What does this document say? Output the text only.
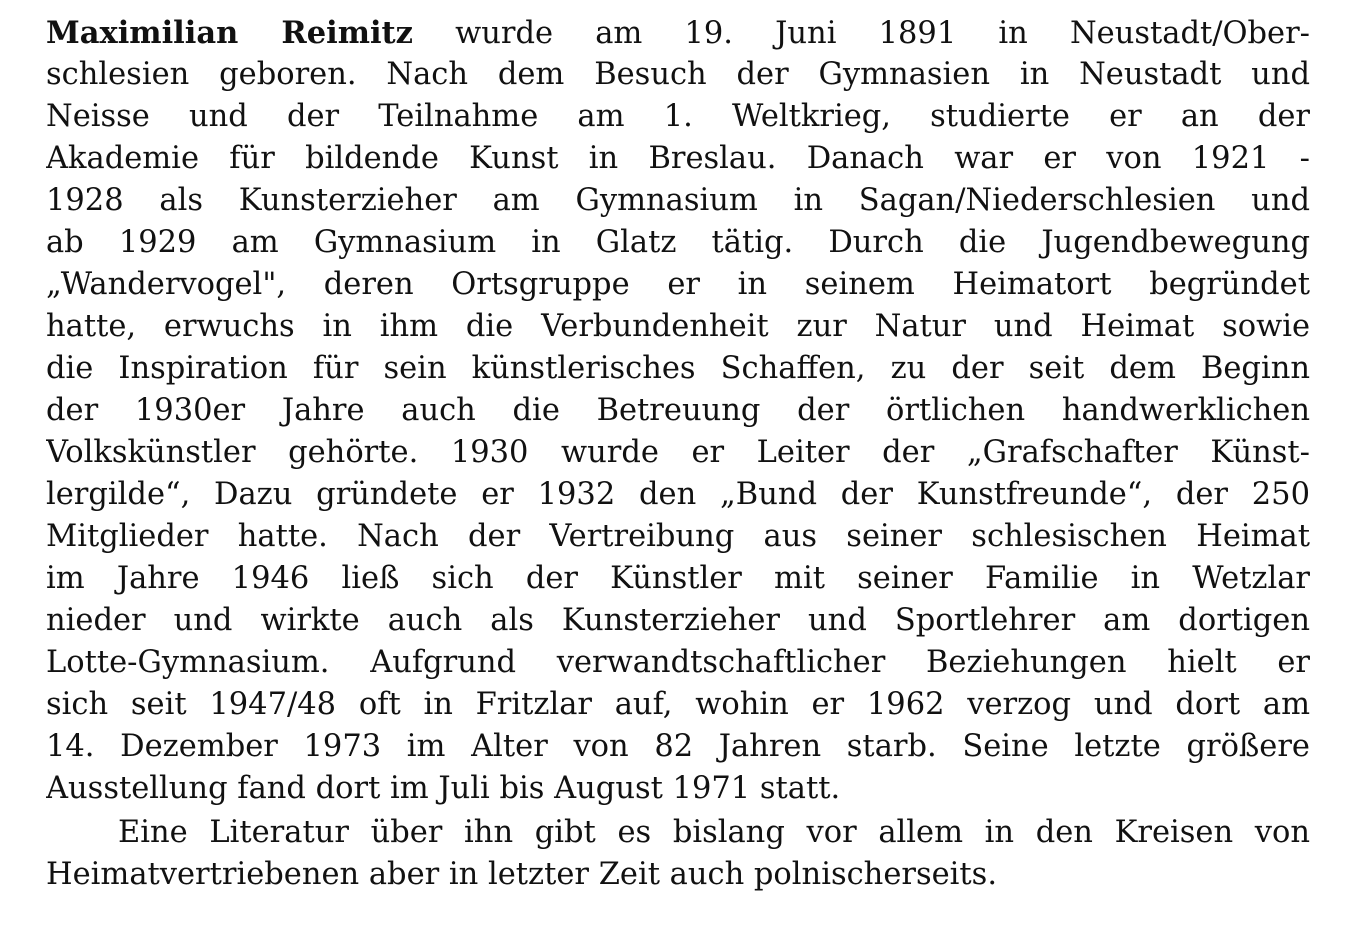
Maximilian Reimitz wurde am 19. Juni 1891 in Neustadt/Ober-
schlesien geboren. Nach dem Besuch der Gymnasien in Neustadt und
Neisse und der Teilnahme am 1. Weltkrieg, studierte er an der
Akademie für bildende Kunst in Breslau. Danach war er von 1921 -
1928 als Kunsterzieher am Gymnasium in Sagan/Niederschlesien und
ab 1929 am Gymnasium in Glatz tätig. Durch die Jugendbewegung
„Wandervogel", deren Ortsgruppe er in seinem Heimatort begründet
hatte, erwuchs in ihm die Verbundenheit zur Natur und Heimat sowie
die Inspiration für sein künstlerisches Schaffen, zu der seit dem Beginn
der 1930er Jahre auch die Betreuung der örtlichen handwerklichen
Volkskünstler gehörte. 1930 wurde er Leiter der „Grafschafter Künst-
lergilde“, Dazu gründete er 1932 den „Bund der Kunstfreunde“, der 250
Mitglieder hatte. Nach der Vertreibung aus seiner schlesischen Heimat
im Jahre 1946 ließ sich der Künstler mit seiner Familie in Wetzlar
nieder und wirkte auch als Kunsterzieher und Sportlehrer am dortigen
Lotte-Gymnasium. Aufgrund verwandtschaftlicher Beziehungen hielt er
sich seit 1947/48 oft in Fritzlar auf, wohin er 1962 verzog und dort am
14. Dezember 1973 im Alter von 82 Jahren starb. Seine letzte größere
Ausstellung fand dort im Juli bis August 1971 statt.
Eine Literatur über ihn gibt es bislang vor allem in den Kreisen von
Heimatvertriebenen aber in letzter Zeit auch polnischerseits.
